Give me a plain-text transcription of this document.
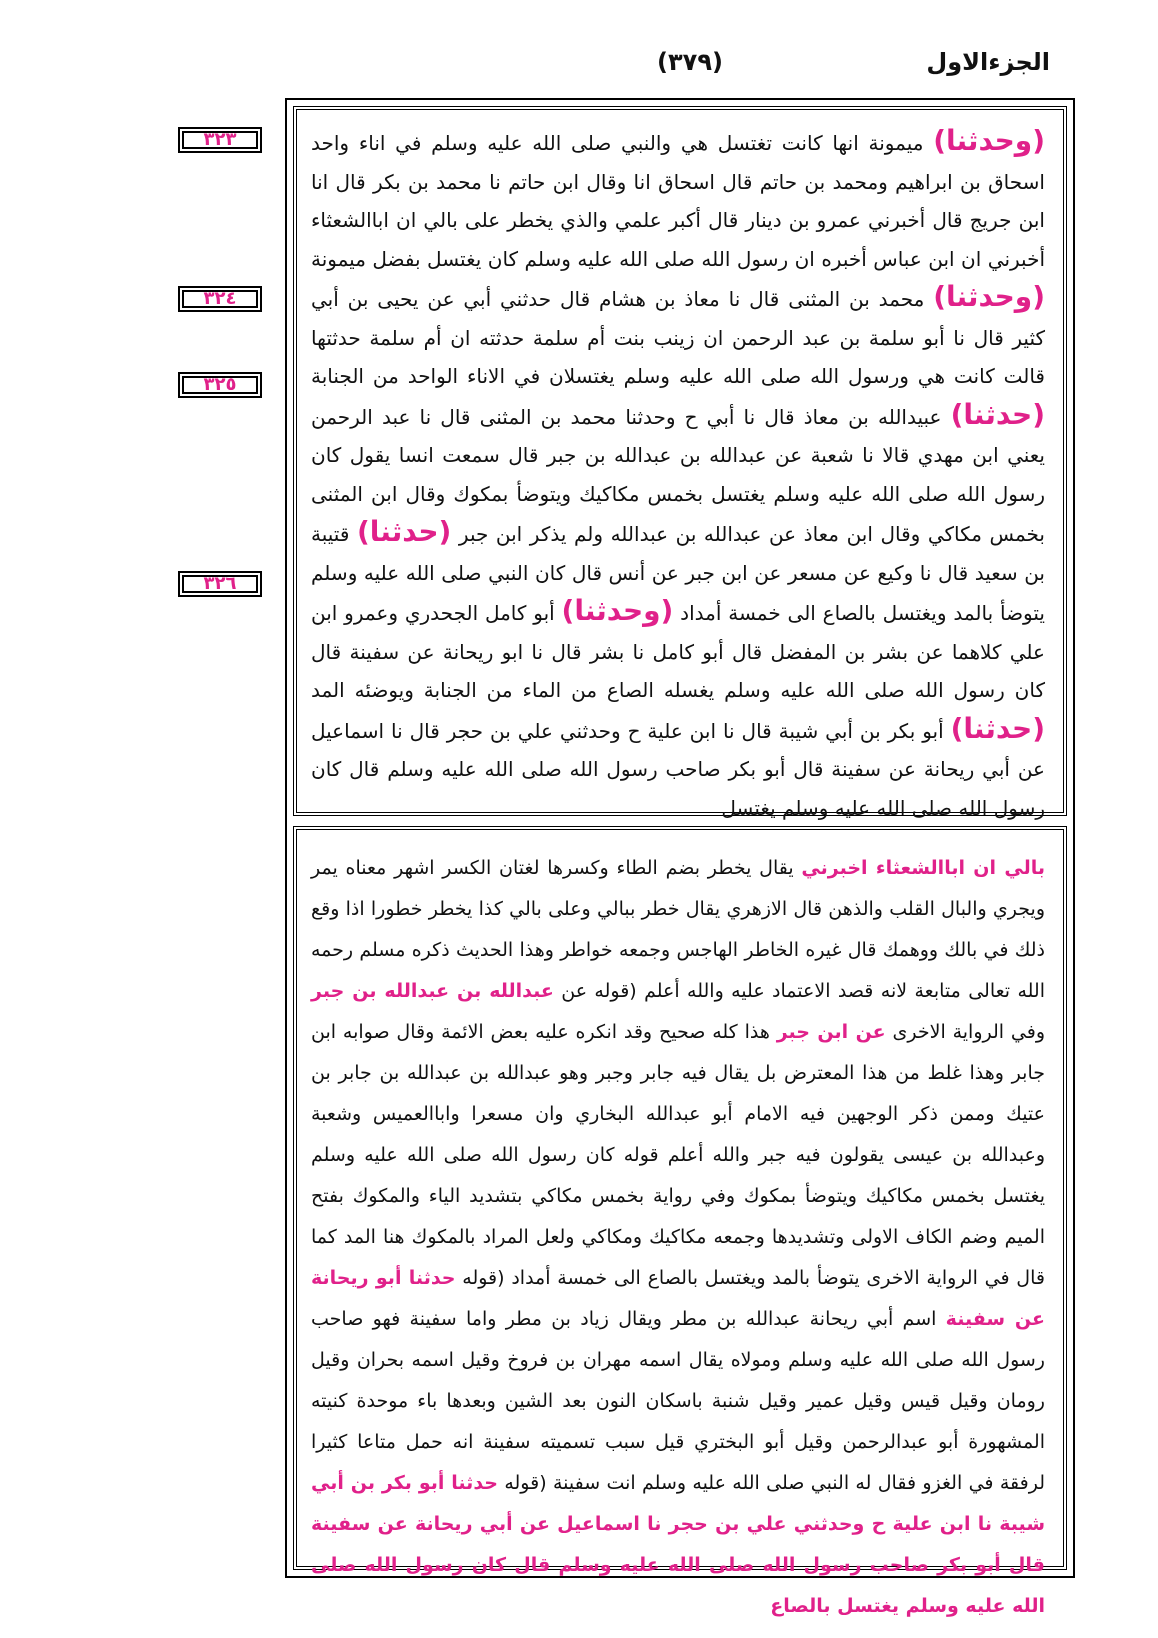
الجزءالاول
(٣٧٩)
٣٢٣
٣٢٤
٣٢٥
٣٢٦
(وحدثنا) ميمونة انها كانت تغتسل هي والنبي صلى الله عليه وسلم في اناء واحد اسحاق بن ابراهيم ومحمد بن حاتم قال اسحاق انا وقال ابن حاتم نا محمد بن بكر قال انا ابن جريج قال أخبرني عمرو بن دينار قال أكبر علمي والذي يخطر على بالي ان اباالشعثاء أخبرني ان ابن عباس أخبره ان رسول الله صلى الله عليه وسلم كان يغتسل بفضل ميمونة (وحدثنا) محمد بن المثنى قال نا معاذ بن هشام قال حدثني أبي عن يحيى بن أبي كثير قال نا أبو سلمة بن عبد الرحمن ان زينب بنت أم سلمة حدثته ان أم سلمة حدثتها قالت كانت هي ورسول الله صلى الله عليه وسلم يغتسلان في الاناء الواحد من الجنابة (حدثنا) عبيدالله بن معاذ قال نا أبي ح وحدثنا محمد بن المثنى قال نا عبد الرحمن يعني ابن مهدي قالا نا شعبة عن عبدالله بن عبدالله بن جبر قال سمعت انسا يقول كان رسول الله صلى الله عليه وسلم يغتسل بخمس مكاكيك ويتوضأ بمكوك وقال ابن المثنى بخمس مكاكي وقال ابن معاذ عن عبدالله بن عبدالله ولم يذكر ابن جبر (حدثنا) قتيبة بن سعيد قال نا وكيع عن مسعر عن ابن جبر عن أنس قال كان النبي صلى الله عليه وسلم يتوضأ بالمد ويغتسل بالصاع الى خمسة أمداد (وحدثنا) أبو كامل الجحدري وعمرو ابن علي كلاهما عن بشر بن المفضل قال أبو كامل نا بشر قال نا ابو ريحانة عن سفينة قال كان رسول الله صلى الله عليه وسلم يغسله الصاع من الماء من الجنابة ويوضئه المد (حدثنا) أبو بكر بن أبي شيبة قال نا ابن علية ح وحدثني علي بن حجر قال نا اسماعيل عن أبي ريحانة عن سفينة قال أبو بكر صاحب رسول الله صلى الله عليه وسلم قال كان رسول الله صلى الله عليه وسلم يغتسل
بالي ان اباالشعثاء اخبرني يقال يخطر بضم الطاء وكسرها لغتان الكسر اشهر معناه يمر ويجري والبال القلب والذهن قال الازهري يقال خطر ببالي وعلى بالي كذا يخطر خطورا اذا وقع ذلك في بالك ووهمك قال غيره الخاطر الهاجس وجمعه خواطر وهذا الحديث ذكره مسلم رحمه الله تعالى متابعة لانه قصد الاعتماد عليه والله أعلم (قوله عن عبدالله بن عبدالله بن جبر وفي الرواية الاخرى عن ابن جبر هذا كله صحيح وقد انكره عليه بعض الائمة وقال صوابه ابن جابر وهذا غلط من هذا المعترض بل يقال فيه جابر وجبر وهو عبدالله بن عبدالله بن جابر بن عتيك وممن ذكر الوجهين فيه الامام أبو عبدالله البخاري وان مسعرا واباالعميس وشعبة وعبدالله بن عيسى يقولون فيه جبر والله أعلم قوله كان رسول الله صلى الله عليه وسلم يغتسل بخمس مكاكيك ويتوضأ بمكوك وفي رواية بخمس مكاكي بتشديد الياء والمكوك بفتح الميم وضم الكاف الاولى وتشديدها وجمعه مكاكيك ومكاكي ولعل المراد بالمكوك هنا المد كما قال في الرواية الاخرى يتوضأ بالمد ويغتسل بالصاع الى خمسة أمداد (قوله حدثنا أبو ريحانة عن سفينة اسم أبي ريحانة عبدالله بن مطر ويقال زياد بن مطر واما سفينة فهو صاحب رسول الله صلى الله عليه وسلم ومولاه يقال اسمه مهران بن فروخ وقيل اسمه بحران وقيل رومان وقيل قيس وقيل عمير وقيل شنبة باسكان النون بعد الشين وبعدها باء موحدة كنيته المشهورة أبو عبدالرحمن وقيل أبو البختري قيل سبب تسميته سفينة انه حمل متاعا كثيرا لرفقة في الغزو فقال له النبي صلى الله عليه وسلم انت سفينة (قوله حدثنا أبو بكر بن أبي شيبة نا ابن علية ح وحدثني علي بن حجر نا اسماعيل عن أبي ريحانة عن سفينة قال أبو بكر صاحب رسول الله صلى الله عليه وسلم قال كان رسول الله صلى الله عليه وسلم يغتسل بالصاع
